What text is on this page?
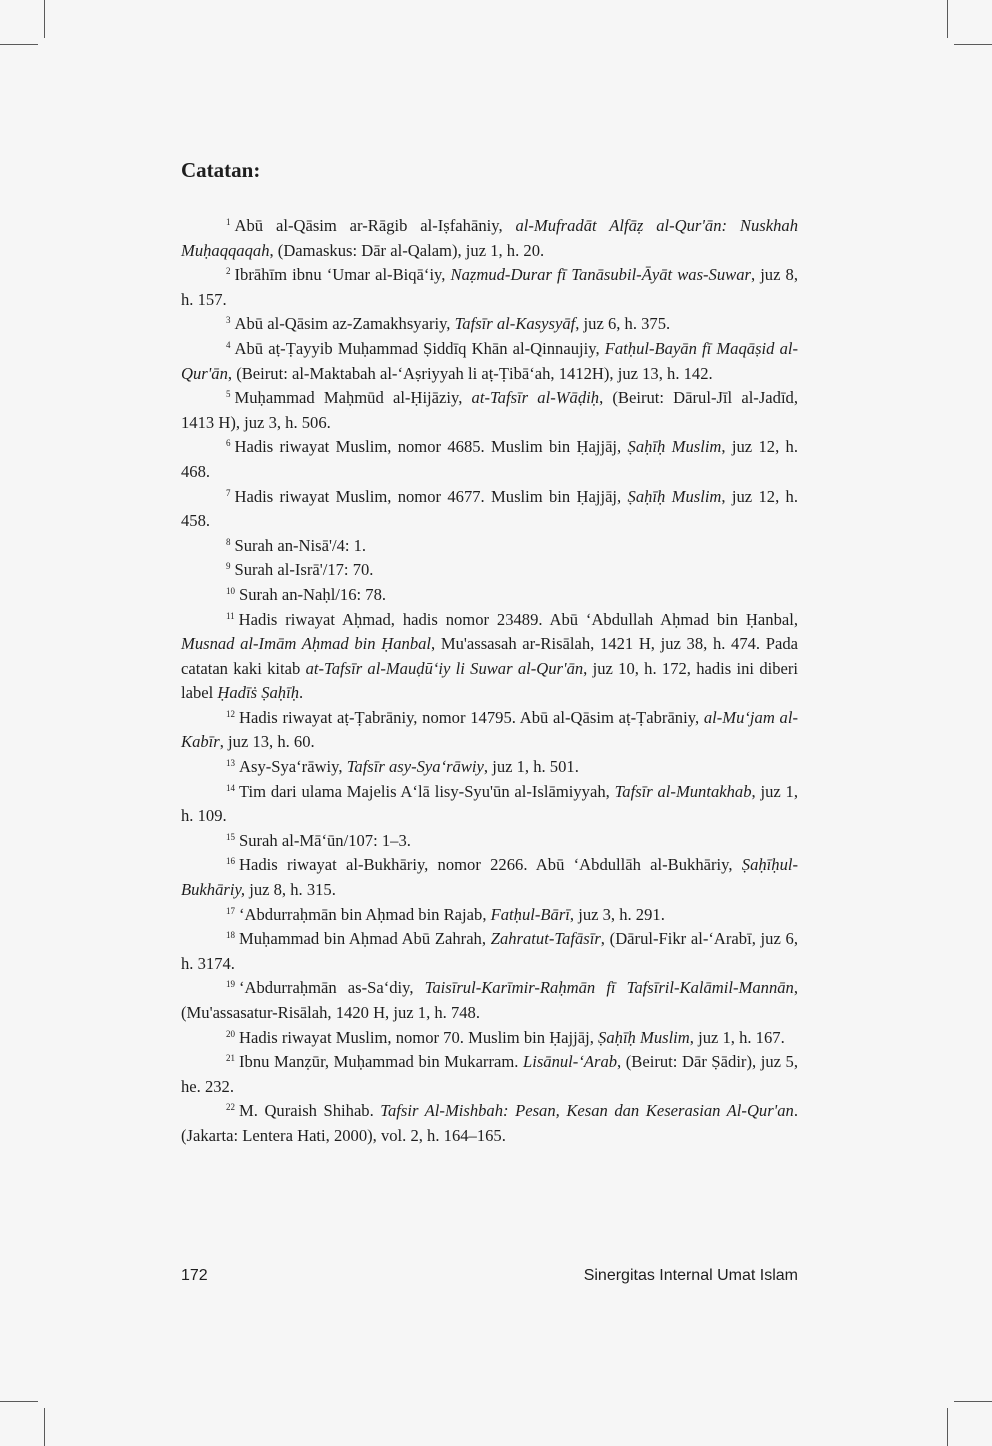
Catatan:
$^1$ Abū al-Qāsim ar-Rāgib al-Iṣfahāniy, al-Mufradāt Alfāẓ al-Qur'ān: Nuskhah Muḥaqqaqah, (Damaskus: Dār al-Qalam), juz 1, h. 20.
$^2$ Ibrāhīm ibnu ʻUmar al-Biqāʻiy, Naẓmud-Durar fī Tanāsubil-Āyāt was-Suwar, juz 8, h. 157.
$^3$ Abū al-Qāsim az-Zamakhsyariy, Tafsīr al-Kasysyāf, juz 6, h. 375.
$^4$ Abū aṭ-Ṭayyib Muḥammad Ṣiddīq Khān al-Qinnaujiy, Fatḥul-Bayān fī Maqāṣid al-Qur'ān, (Beirut: al-Maktabah al-ʻAṣriyyah li aṭ-Ṭibāʻah, 1412H), juz 13, h. 142.
$^5$ Muḥammad Maḥmūd al-Ḥijāziy, at-Tafsīr al-Wāḍiḥ, (Beirut: Dārul-Jīl al-Jadīd, 1413 H), juz 3, h. 506.
$^6$ Hadis riwayat Muslim, nomor 4685. Muslim bin Ḥajjāj, Ṣaḥīḥ Muslim, juz 12, h. 468.
$^7$ Hadis riwayat Muslim, nomor 4677. Muslim bin Ḥajjāj, Ṣaḥīḥ Muslim, juz 12, h. 458.
$^8$ Surah an-Nisā'/4: 1.
$^9$ Surah al-Isrā'/17: 70.
$^{10}$ Surah an-Naḥl/16: 78.
$^{11}$ Hadis riwayat Aḥmad, hadis nomor 23489. Abū ʻAbdullah Aḥmad bin Ḥanbal, Musnad al-Imām Aḥmad bin Ḥanbal, Mu'assasah ar-Risālah, 1421 H, juz 38, h. 474. Pada catatan kaki kitab at-Tafsīr al-Mauḍūʻiy li Suwar al-Qur'ān, juz 10, h. 172, hadis ini diberi label Ḥadīṡ Ṣaḥīḥ.
$^{12}$ Hadis riwayat aṭ-Ṭabrāniy, nomor 14795. Abū al-Qāsim aṭ-Ṭabrāniy, al-Muʻjam al-Kabīr, juz 13, h. 60.
$^{13}$ Asy-Syaʻrāwiy, Tafsīr asy-Syaʻrāwiy, juz 1, h. 501.
$^{14}$ Tim dari ulama Majelis Aʻlā lisy-Syu'ūn al-Islāmiyyah, Tafsīr al-Muntakhab, juz 1, h. 109.
$^{15}$ Surah al-Māʻūn/107: 1–3.
$^{16}$ Hadis riwayat al-Bukhāriy, nomor 2266. Abū ʻAbdullāh al-Bukhāriy, Ṣaḥīḥul-Bukhāriy, juz 8, h. 315.
$^{17}$ ʻAbdurraḥmān bin Aḥmad bin Rajab, Fatḥul-Bārī, juz 3, h. 291.
$^{18}$ Muḥammad bin Aḥmad Abū Zahrah, Zahratut-Tafāsīr, (Dārul-Fikr al-ʻArabī, juz 6, h. 3174.
$^{19}$ ʻAbdurraḥmān as-Saʻdiy, Taisīrul-Karīmir-Raḥmān fī Tafsīril-Kalāmil-Mannān, (Mu'assasatur-Risālah, 1420 H, juz 1, h. 748.
$^{20}$ Hadis riwayat Muslim, nomor 70. Muslim bin Ḥajjāj, Ṣaḥīḥ Muslim, juz 1, h. 167.
$^{21}$ Ibnu Manẓūr, Muḥammad bin Mukarram. Lisānul-ʻArab, (Beirut: Dār Ṣādir), juz 5, he. 232.
$^{22}$ M. Quraish Shihab. Tafsir Al-Mishbah: Pesan, Kesan dan Keserasian Al-Qur'an. (Jakarta: Lentera Hati, 2000), vol. 2, h. 164–165.

172	Sinergitas Internal Umat Islam
